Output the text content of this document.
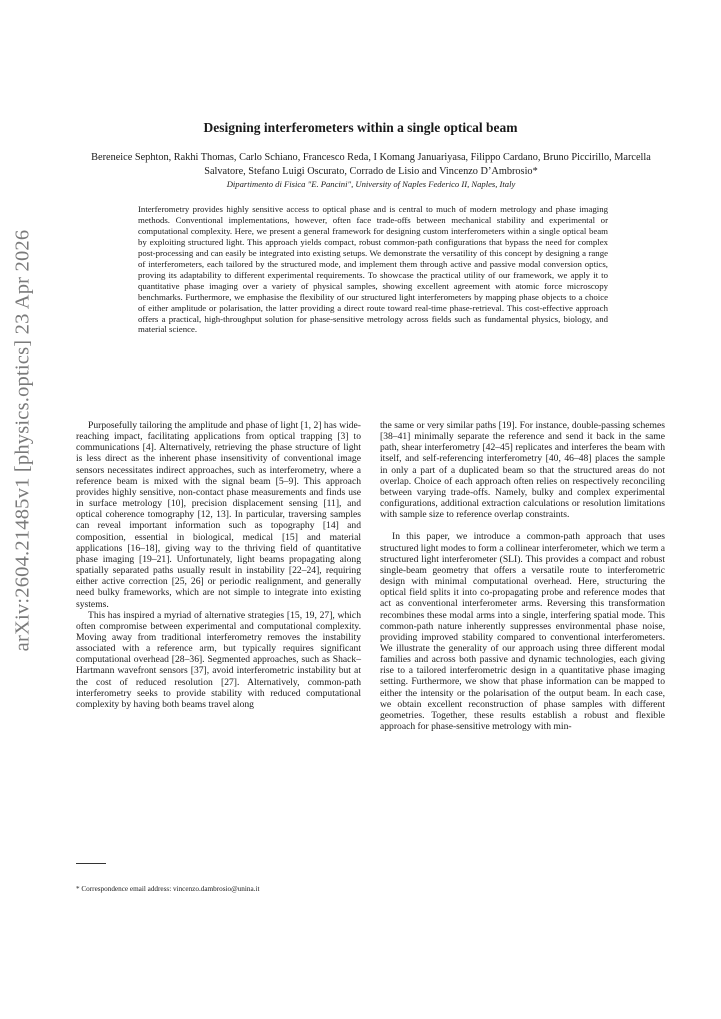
arXiv:2604.21485v1 [physics.optics] 23 Apr 2026
Designing interferometers within a single optical beam
Bereneice Sephton, Rakhi Thomas, Carlo Schiano, Francesco Reda, I Komang Januariyasa, Filippo Cardano, Bruno Piccirillo, Marcella Salvatore, Stefano Luigi Oscurato, Corrado de Lisio and Vincenzo D’Ambrosio*
Dipartimento di Fisica "E. Pancini", University of Naples Federico II, Naples, Italy
Interferometry provides highly sensitive access to optical phase and is central to much of modern metrology and phase imaging methods. Conventional implementations, however, often face trade-offs between mechanical stability and experimental or computational complexity. Here, we present a general framework for designing custom interferometers within a single optical beam by exploiting structured light. This approach yields compact, robust common-path configurations that bypass the need for complex post-processing and can easily be integrated into existing setups. We demonstrate the versatility of this concept by designing a range of interferometers, each tailored by the structured mode, and implement them through active and passive modal conversion optics, proving its adaptability to different experimental requirements. To showcase the practical utility of our framework, we apply it to quantitative phase imaging over a variety of physical samples, showing excellent agreement with atomic force microscopy benchmarks. Furthermore, we emphasise the flexibility of our structured light interferometers by mapping phase objects to a choice of either amplitude or polarisation, the latter providing a direct route toward real-time phase-retrieval. This cost-effective approach offers a practical, high-throughput solution for phase-sensitive metrology across fields such as fundamental physics, biology, and material science.

Purposefully tailoring the amplitude and phase of light [1, 2] has wide-reaching impact, facilitating applications from optical trapping [3] to communications [4]. Alternatively, retrieving the phase structure of light is less direct as the inherent phase insensitivity of conventional image sensors necessitates indirect approaches, such as interferometry, where a reference beam is mixed with the signal beam [5–9]. This approach provides highly sensitive, non-contact phase measurements and finds use in surface metrology [10], precision displacement sensing [11], and optical coherence tomography [12, 13]. In particular, traversing samples can reveal important information such as topography [14] and composition, essential in biological, medical [15] and material applications [16–18], giving way to the thriving field of quantitative phase imaging [19–21]. Unfortunately, light beams propagating along spatially separated paths usually result in instability [22–24], requiring either active correction [25, 26] or periodic realignment, and generally need bulky frameworks, which are not simple to integrate into existing systems.

This has inspired a myriad of alternative strategies [15, 19, 27], which often compromise between experimental and computational complexity. Moving away from traditional interferometry removes the instability associated with a reference arm, but typically requires significant computational overhead [28–36]. Segmented approaches, such as Shack–Hartmann wavefront sensors [37], avoid interferometric instability but at the cost of reduced resolution [27]. Alternatively, common-path interferometry seeks to provide stability with reduced computational complexity by having both beams travel along

the same or very similar paths [19]. For instance, double-passing schemes [38–41] minimally separate the reference and send it back in the same path, shear interferometry [42–45] replicates and interferes the beam with itself, and self-referencing interferometry [40, 46–48] places the sample in only a part of a duplicated beam so that the structured areas do not overlap. Choice of each approach often relies on respectively reconciling between varying trade-offs. Namely, bulky and complex experimental configurations, additional extraction calculations or resolution limitations with sample size to reference overlap constraints.

In this paper, we introduce a common-path approach that uses structured light modes to form a collinear interferometer, which we term a structured light interferometer (SLI). This provides a compact and robust single-beam geometry that offers a versatile route to interferometric design with minimal computational overhead. Here, structuring the optical field splits it into co-propagating probe and reference modes that act as conventional interferometer arms. Reversing this transformation recombines these modal arms into a single, interfering spatial mode. This common-path nature inherently suppresses environmental phase noise, providing improved stability compared to conventional interferometers. We illustrate the generality of our approach using three different modal families and across both passive and dynamic technologies, each giving rise to a tailored interferometric design in a quantitative phase imaging setting. Furthermore, we show that phase information can be mapped to either the intensity or the polarisation of the output beam. In each case, we obtain excellent reconstruction of phase samples with different geometries. Together, these results establish a robust and flexible approach for phase-sensitive metrology with min-

* Correspondence email address: vincenzo.dambrosio@unina.it
